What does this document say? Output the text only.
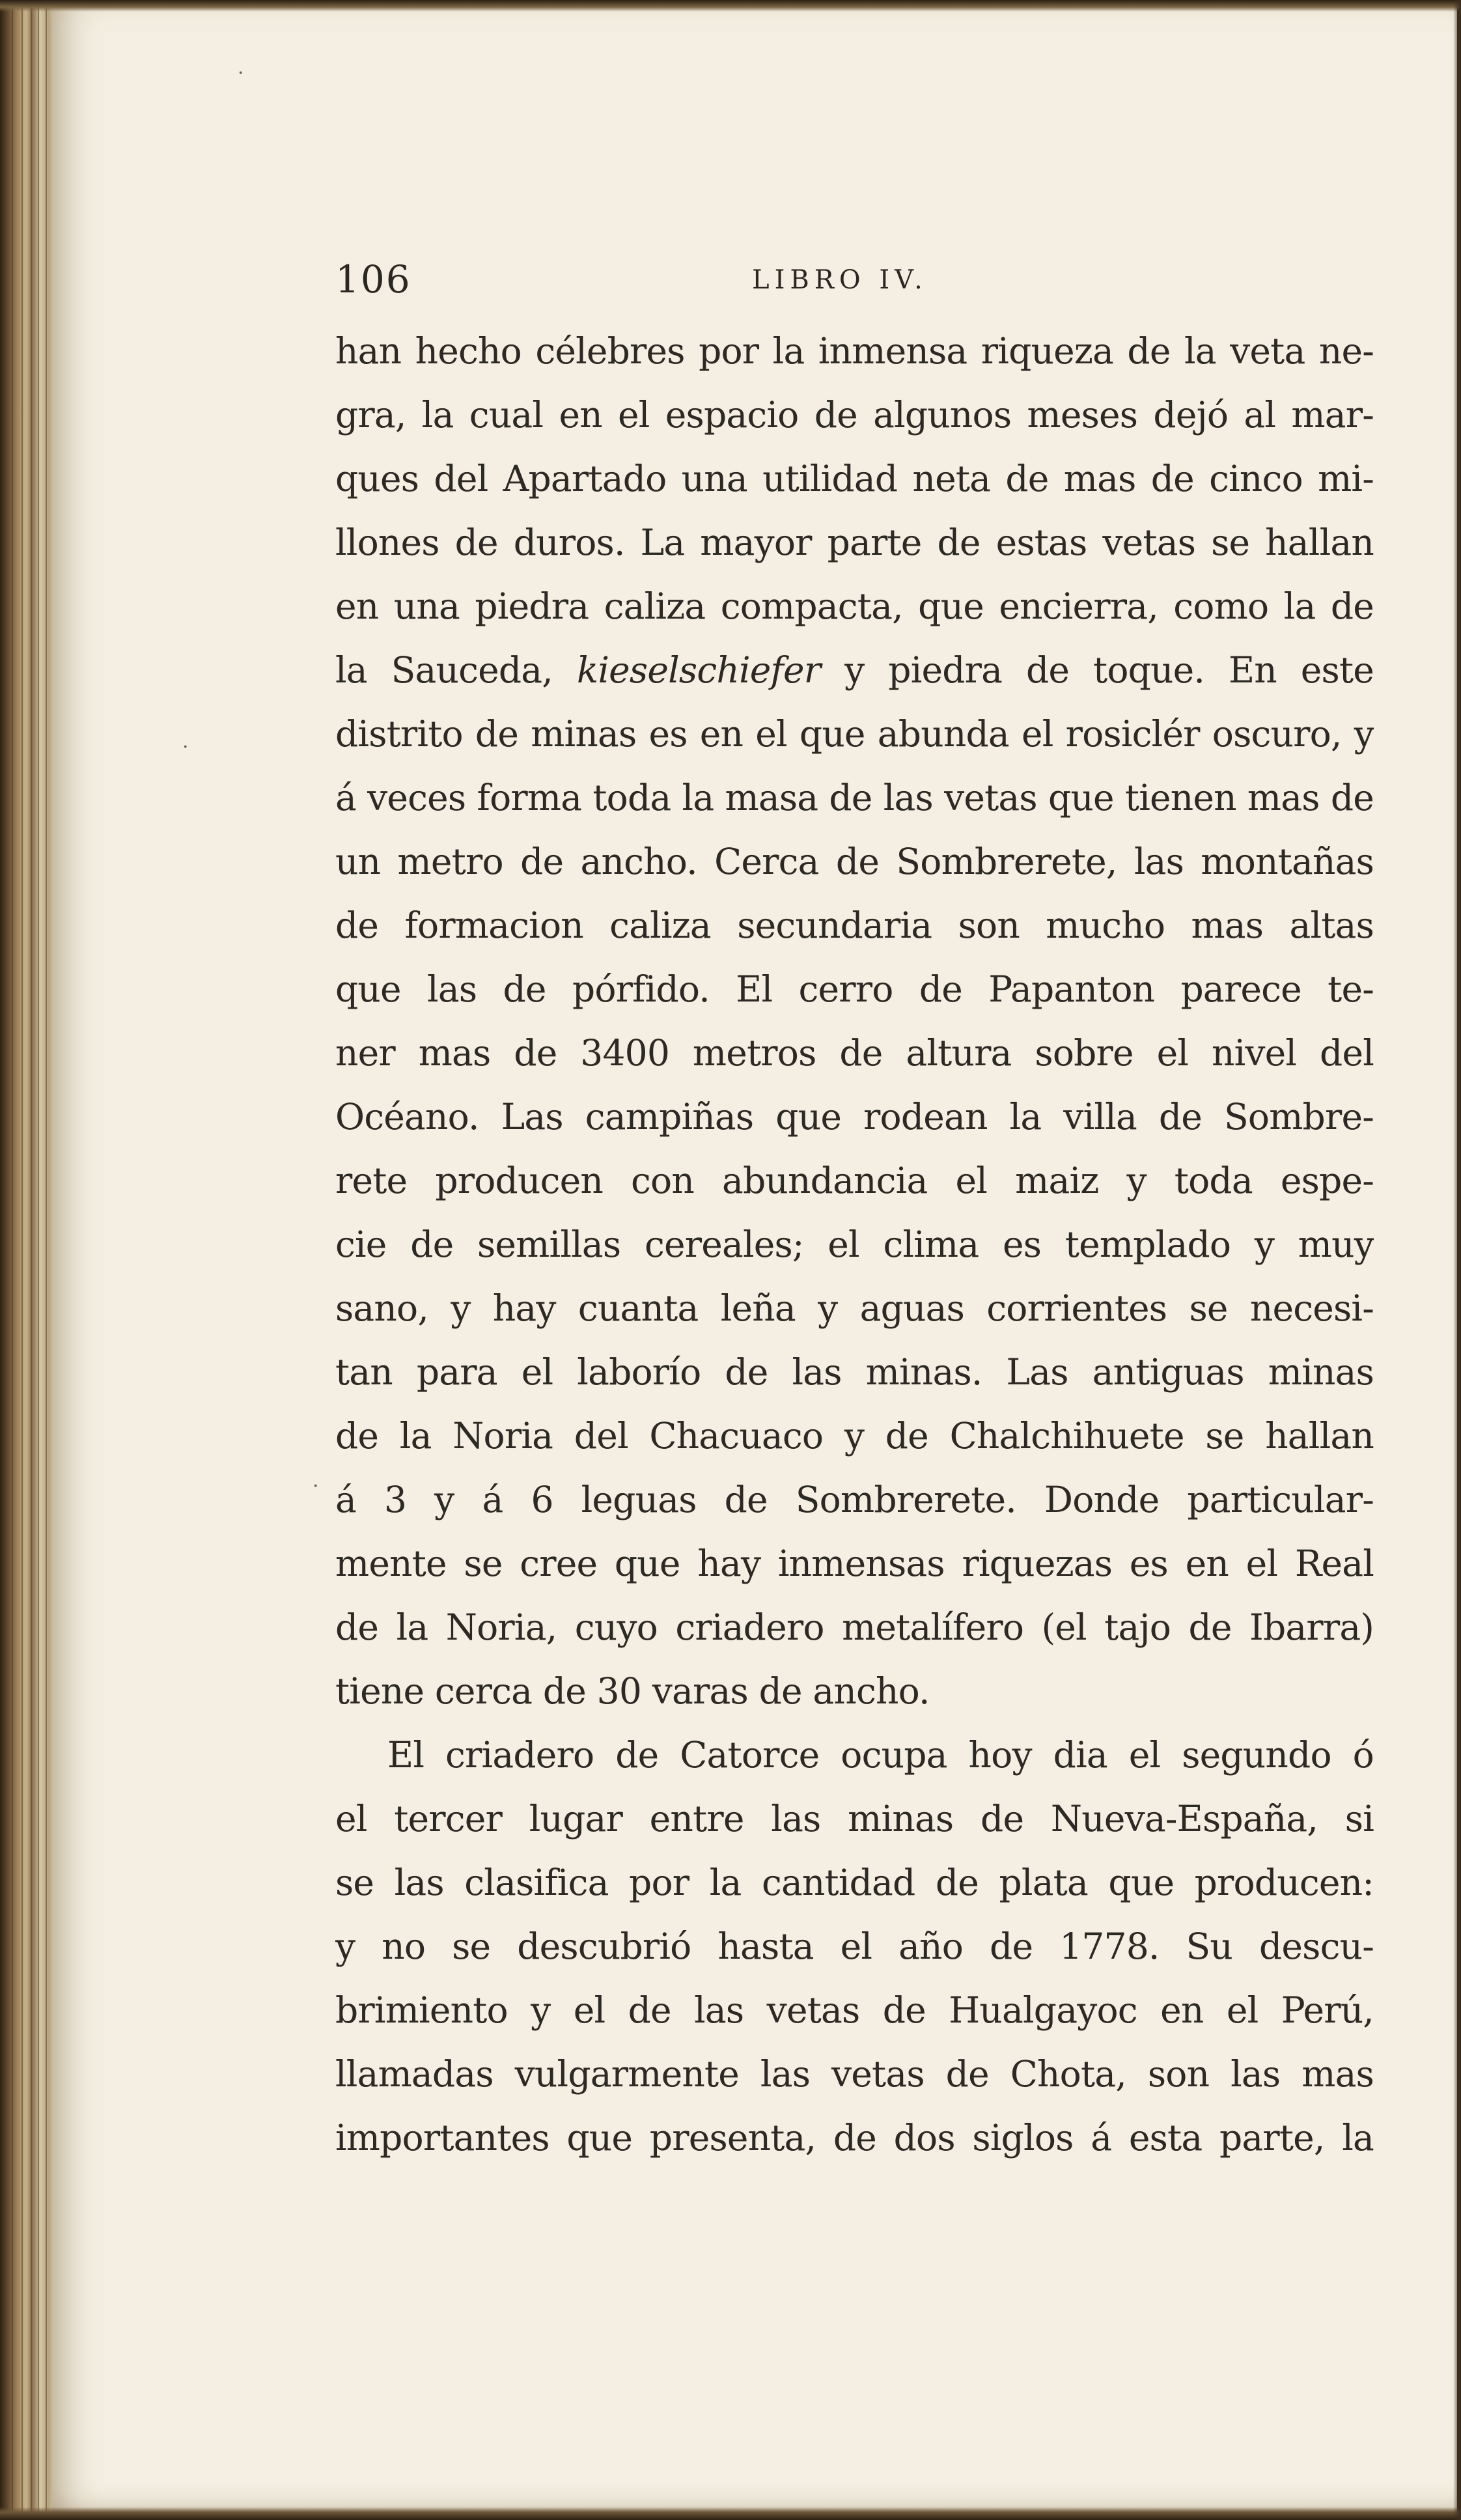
·
·
·
106	LIBRO IV.
han hecho célebres por la inmensa riqueza de la veta ne-
gra, la cual en el espacio de algunos meses dejó al mar-
ques del Apartado una utilidad neta de mas de cinco mi-
llones de duros. La mayor parte de estas vetas se hallan
en una piedra caliza compacta, que encierra, como la de
la Sauceda, kieselschiefer y piedra de toque. En este
distrito de minas es en el que abunda el rosiclér oscuro, y
á veces forma toda la masa de las vetas que tienen mas de
un metro de ancho. Cerca de Sombrerete, las montañas
de formacion caliza secundaria son mucho mas altas
que las de pórfido. El cerro de Papanton parece te-
ner mas de 3400 metros de altura sobre el nivel del
Océano. Las campiñas que rodean la villa de Sombre-
rete producen con abundancia el maiz y toda espe-
cie de semillas cereales; el clima es templado y muy
sano, y hay cuanta leña y aguas corrientes se necesi-
tan para el laborío de las minas. Las antiguas minas
de la Noria del Chacuaco y de Chalchihuete se hallan
á 3 y á 6 leguas de Sombrerete. Donde particular-
mente se cree que hay inmensas riquezas es en el Real
de la Noria, cuyo criadero metalífero (el tajo de Ibarra)
tiene cerca de 30 varas de ancho.
El criadero de Catorce ocupa hoy dia el segundo ó
el tercer lugar entre las minas de Nueva-España, si
se las clasifica por la cantidad de plata que producen:
y no se descubrió hasta el año de 1778. Su descu-
brimiento y el de las vetas de Hualgayoc en el Perú,
llamadas vulgarmente las vetas de Chota, son las mas
importantes que presenta, de dos siglos á esta parte, la
